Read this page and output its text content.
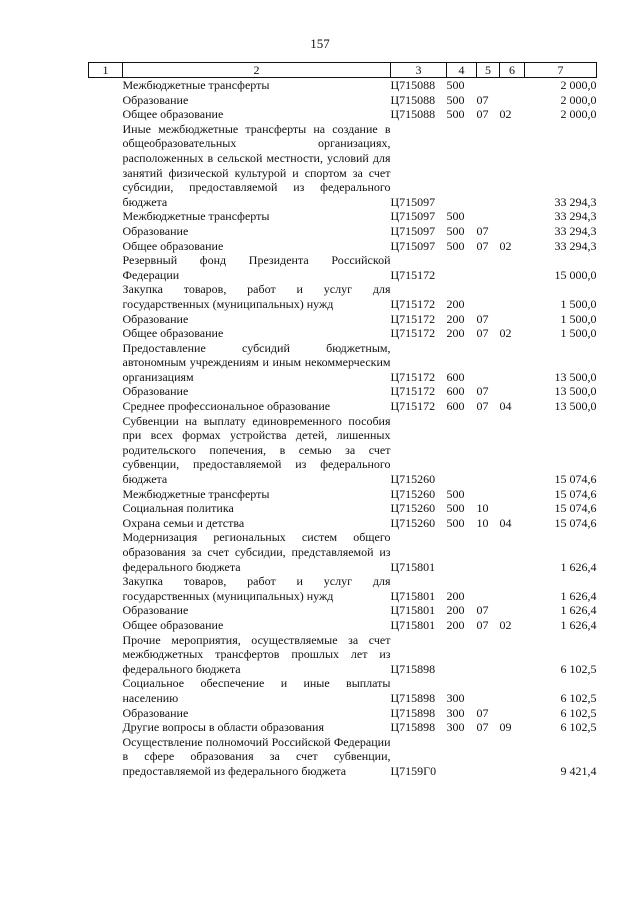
157
1	2	3	4	5	6	7
	Межбюджетные трансферты	Ц715088	500			2 000,0
	Образование	Ц715088	500	07		2 000,0
	Общее образование	Ц715088	500	07	02	2 000,0
	Иные межбюджетные трансферты на создание в общеобразовательных организациях, расположенных в сельской местности, условий для занятий физической культурой и спортом за счет субсидии, предоставляемой из федерального бюджета	Ц715097				33 294,3
	Межбюджетные трансферты	Ц715097	500			33 294,3
	Образование	Ц715097	500	07		33 294,3
	Общее образование	Ц715097	500	07	02	33 294,3
	Резервный фонд Президента Российской Федерации	Ц715172				15 000,0
	Закупка товаров, работ и услуг для государственных (муниципальных) нужд	Ц715172	200			1 500,0
	Образование	Ц715172	200	07		1 500,0
	Общее образование	Ц715172	200	07	02	1 500,0
	Предоставление субсидий бюджетным, автономным учреждениям и иным некоммерческим организациям	Ц715172	600			13 500,0
	Образование	Ц715172	600	07		13 500,0
	Среднее профессиональное образование	Ц715172	600	07	04	13 500,0
	Субвенции на выплату единовременного пособия при всех формах устройства детей, лишенных родительского попечения, в семью за счет субвенции, предоставляемой из федерального бюджета	Ц715260				15 074,6
	Межбюджетные трансферты	Ц715260	500			15 074,6
	Социальная политика	Ц715260	500	10		15 074,6
	Охрана семьи и детства	Ц715260	500	10	04	15 074,6
	Модернизация региональных систем общего образования за счет субсидии, представляемой из федерального бюджета	Ц715801				1 626,4
	Закупка товаров, работ и услуг для государственных (муниципальных) нужд	Ц715801	200			1 626,4
	Образование	Ц715801	200	07		1 626,4
	Общее образование	Ц715801	200	07	02	1 626,4
	Прочие мероприятия, осуществляемые за счет межбюджетных трансфертов прошлых лет из федерального бюджета	Ц715898				6 102,5
	Социальное обеспечение и иные выплаты населению	Ц715898	300			6 102,5
	Образование	Ц715898	300	07		6 102,5
	Другие вопросы в области образования	Ц715898	300	07	09	6 102,5
	Осуществление полномочий Российской Федерации в сфере образования за счет субвенции, предоставляемой из федерального бюджета	Ц7159Г0				9 421,4
